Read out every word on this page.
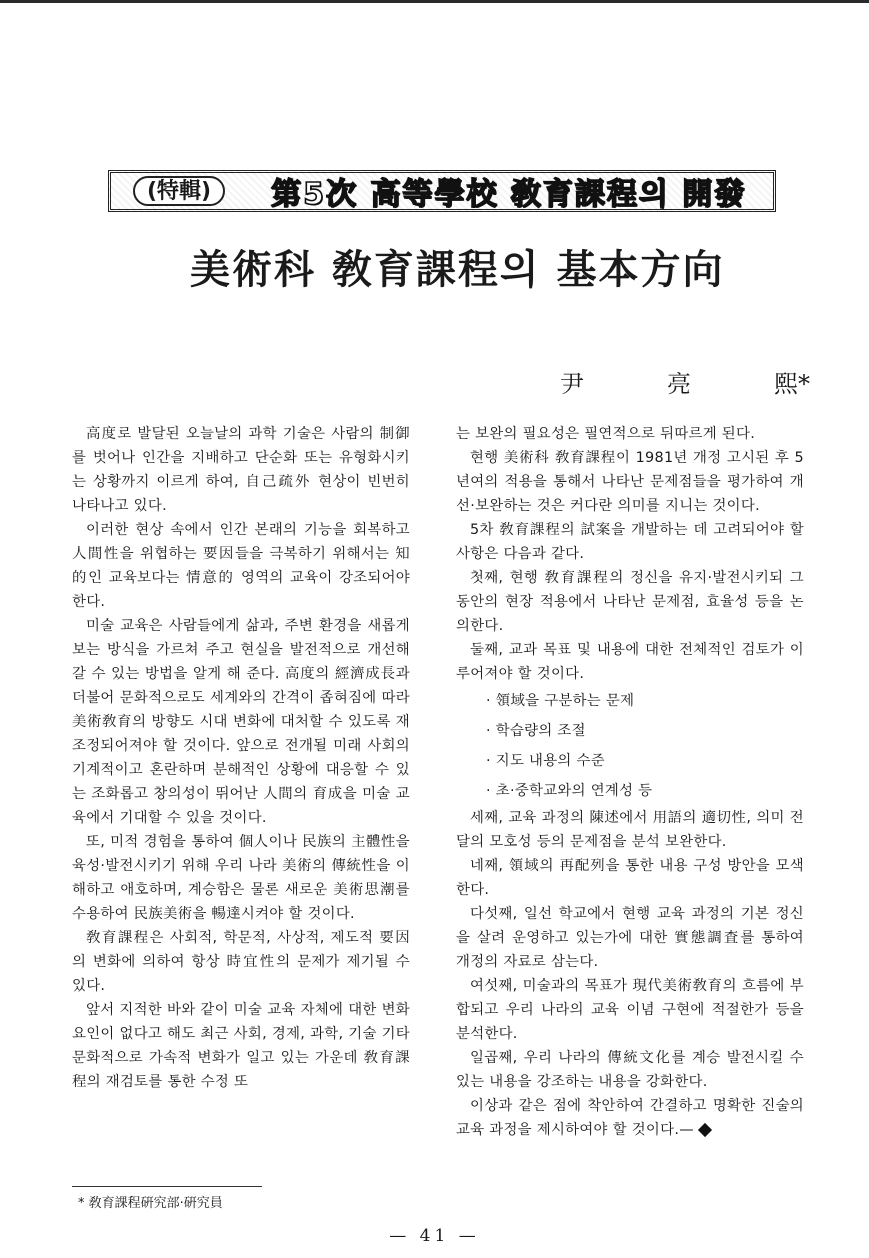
(特輯)	第5次 高等學校 敎育課程의 開發
美術科 敎育課程의 基本方向
尹	亮	熙*

高度로 발달된 오늘날의 과학 기술은 사람의 制御를 벗어나 인간을 지배하고 단순화 또는 유형화시키는 상황까지 이르게 하여, 自己疏外 현상이 빈번히 나타나고 있다.

이러한 현상 속에서 인간 본래의 기능을 회복하고 人間性을 위협하는 要因들을 극복하기 위해서는 知的인 교육보다는 情意的 영역의 교육이 강조되어야 한다.

미술 교육은 사람들에게 삶과, 주변 환경을 새롭게 보는 방식을 가르쳐 주고 현실을 발전적으로 개선해 갈 수 있는 방법을 알게 해 준다. 高度의 經濟成長과 더불어 문화적으로도 세계와의 간격이 좁혀짐에 따라 美術敎育의 방향도 시대 변화에 대처할 수 있도록 재조정되어져야 할 것이다. 앞으로 전개될 미래 사회의 기계적이고 혼란하며 분해적인 상황에 대응할 수 있는 조화롭고 창의성이 뛰어난 人間의 育成을 미술 교육에서 기대할 수 있을 것이다.

또, 미적 경험을 통하여 個人이나 民族의 主體性을 육성·발전시키기 위해 우리 나라 美術의 傳統性을 이해하고 애호하며, 계승함은 물론 새로운 美術思潮를 수용하여 民族美術을 暢達시켜야 할 것이다.

敎育課程은 사회적, 학문적, 사상적, 제도적 要因의 변화에 의하여 항상 時宜性의 문제가 제기될 수 있다.

앞서 지적한 바와 같이 미술 교육 자체에 대한 변화 요인이 없다고 해도 최근 사회, 경제, 과학, 기술 기타 문화적으로 가속적 변화가 일고 있는 가운데 敎育課程의 재검토를 통한 수정 또

는 보완의 필요성은 필연적으로 뒤따르게 된다.

현행 美術科 敎育課程이 1981년 개정 고시된 후 5년여의 적용을 통해서 나타난 문제점들을 평가하여 개선·보완하는 것은 커다란 의미를 지니는 것이다.

5차 敎育課程의 試案을 개발하는 데 고려되어야 할 사항은 다음과 같다.

첫째, 현행 敎育課程의 정신을 유지·발전시키되 그 동안의 현장 적용에서 나타난 문제점, 효율성 등을 논의한다.

둘째, 교과 목표 및 내용에 대한 전체적인 검토가 이루어져야 할 것이다.

· 領域을 구분하는 문제
· 학습량의 조절
· 지도 내용의 수준
· 초·중학교와의 연계성 등

세째, 교육 과정의 陳述에서 用語의 適切性, 의미 전달의 모호성 등의 문제점을 분석 보완한다.

네째, 領域의 再配列을 통한 내용 구성 방안을 모색한다.

다섯째, 일선 학교에서 현행 교육 과정의 기본 정신을 살려 운영하고 있는가에 대한 實態調査를 통하여 개정의 자료로 삼는다.

여섯째, 미술과의 목표가 現代美術敎育의 흐름에 부합되고 우리 나라의 교육 이념 구현에 적절한가 등을 분석한다.

일곱째, 우리 나라의 傳統文化를 계승 발전시킬 수 있는 내용을 강조하는 내용을 강화한다.

이상과 같은 점에 착안하여 간결하고 명확한 진술의 교육 과정을 제시하여야 할 것이다.—

* 敎育課程硏究部·硏究員
— 41 —
